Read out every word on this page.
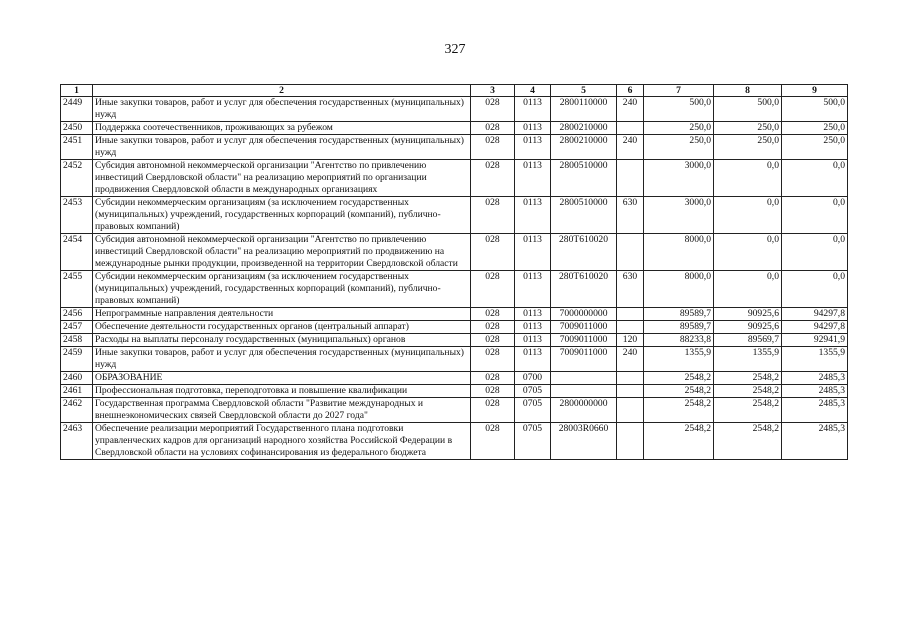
327
1	2	3	4	5	6	7	8	9
2449	Иные закупки товаров, работ и услуг для обеспечения государственных (муниципальных) нужд	028	0113	2800110000	240	500,0	500,0	500,0
2450	Поддержка соотечественников, проживающих за рубежом	028	0113	2800210000		250,0	250,0	250,0
2451	Иные закупки товаров, работ и услуг для обеспечения государственных (муниципальных) нужд	028	0113	2800210000	240	250,0	250,0	250,0
2452	Субсидия автономной некоммерческой организации "Агентство по привлечению инвестиций Свердловской области" на реализацию мероприятий по организации продвижения Свердловской области в международных организациях	028	0113	2800510000		3000,0	0,0	0,0
2453	Субсидии некоммерческим организациям (за исключением государственных (муниципальных) учреждений, государственных корпораций (компаний), публично-правовых компаний)	028	0113	2800510000	630	3000,0	0,0	0,0
2454	Субсидия автономной некоммерческой организации "Агентство по привлечению инвестиций Свердловской области" на реализацию мероприятий по продвижению на международные рынки продукции, произведенной на территории Свердловской области	028	0113	280Т610020		8000,0	0,0	0,0
2455	Субсидии некоммерческим организациям (за исключением государственных (муниципальных) учреждений, государственных корпораций (компаний), публично-правовых компаний)	028	0113	280Т610020	630	8000,0	0,0	0,0
2456	Непрограммные направления деятельности	028	0113	7000000000		89589,7	90925,6	94297,8
2457	Обеспечение деятельности государственных органов (центральный аппарат)	028	0113	7009011000		89589,7	90925,6	94297,8
2458	Расходы на выплаты персоналу государственных (муниципальных) органов	028	0113	7009011000	120	88233,8	89569,7	92941,9
2459	Иные закупки товаров, работ и услуг для обеспечения государственных (муниципальных) нужд	028	0113	7009011000	240	1355,9	1355,9	1355,9
2460	ОБРАЗОВАНИЕ	028	0700			2548,2	2548,2	2485,3
2461	Профессиональная подготовка, переподготовка и повышение квалификации	028	0705			2548,2	2548,2	2485,3
2462	Государственная программа Свердловской области "Развитие международных и внешнеэкономических связей Свердловской области до 2027 года"	028	0705	2800000000		2548,2	2548,2	2485,3
2463	Обеспечение реализации мероприятий Государственного плана подготовки управленческих кадров для организаций народного хозяйства Российской Федерации в Свердловской области на условиях софинансирования из федерального бюджета	028	0705	28003R0660		2548,2	2548,2	2485,3
